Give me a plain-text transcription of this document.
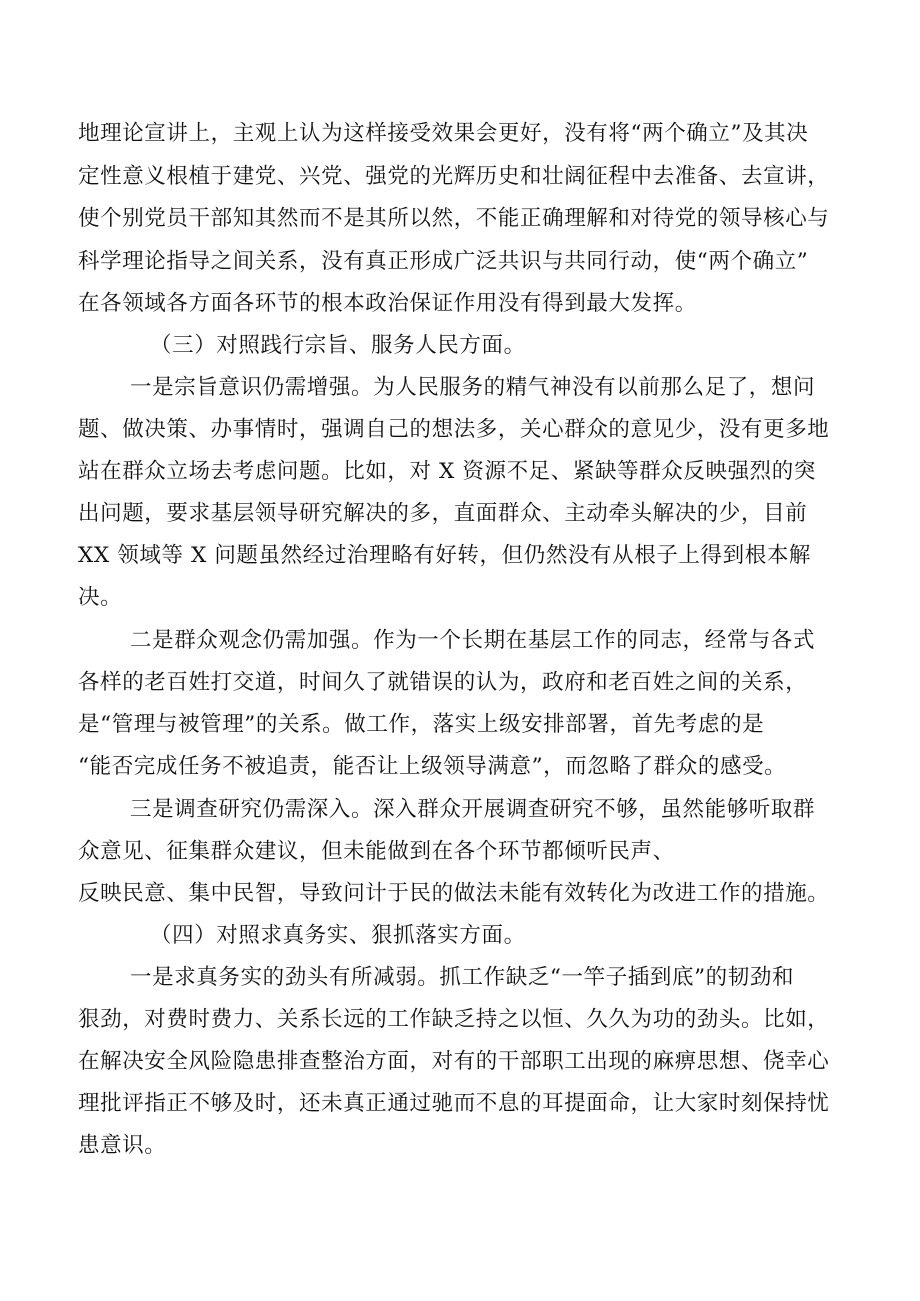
地理论宣讲上，主观上认为这样接受效果会更好，没有将“两个确立”及其决
定性意义根植于建党、兴党、强党的光辉历史和壮阔征程中去准备、去宣讲，
使个别党员干部知其然而不是其所以然，不能正确理解和对待党的领导核心与
科学理论指导之间关系，没有真正形成广泛共识与共同行动，使“两个确立”
在各领域各方面各环节的根本政治保证作用没有得到最大发挥。
（三）对照践行宗旨、服务人民方面。
一是宗旨意识仍需增强。为人民服务的精气神没有以前那么足了，想问
题、做决策、办事情时，强调自己的想法多，关心群众的意见少，没有更多地
站在群众立场去考虑问题。比如，对 X 资源不足、紧缺等群众反映强烈的突
出问题，要求基层领导研究解决的多，直面群众、主动牵头解决的少，目前
XX 领域等 X 问题虽然经过治理略有好转，但仍然没有从根子上得到根本解
决。
二是群众观念仍需加强。作为一个长期在基层工作的同志，经常与各式
各样的老百姓打交道，时间久了就错误的认为，政府和老百姓之间的关系，
是“管理与被管理”的关系。做工作，落实上级安排部署，首先考虑的是
“能否完成任务不被追责，能否让上级领导满意”，而忽略了群众的感受。
三是调查研究仍需深入。深入群众开展调查研究不够，虽然能够听取群
众意见、征集群众建议，但未能做到在各个环节都倾听民声、
反映民意、集中民智，导致问计于民的做法未能有效转化为改进工作的措施。
（四）对照求真务实、狠抓落实方面。
一是求真务实的劲头有所减弱。抓工作缺乏“一竿子插到底”的韧劲和
狠劲，对费时费力、关系长远的工作缺乏持之以恒、久久为功的劲头。比如，
在解决安全风险隐患排查整治方面，对有的干部职工出现的麻痹思想、侥幸心
理批评指正不够及时，还未真正通过驰而不息的耳提面命，让大家时刻保持忧
患意识。
